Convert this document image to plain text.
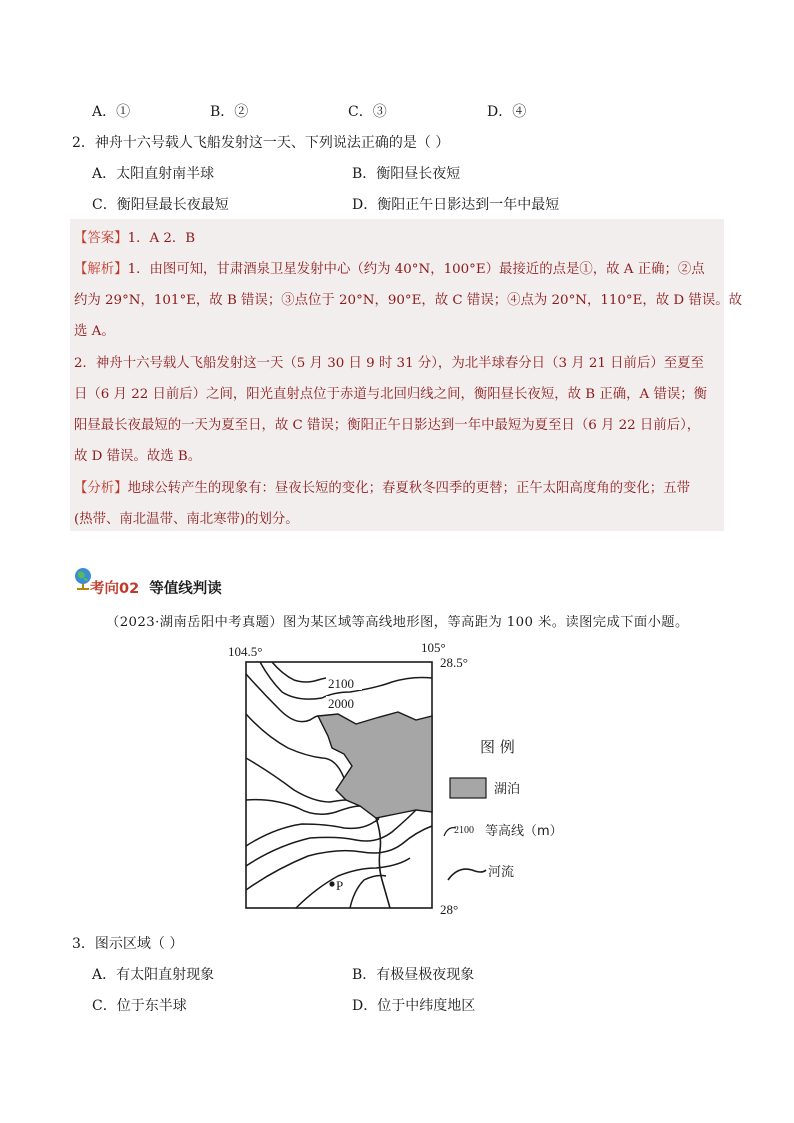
A．①	B．②	C．③	D．④
2．神舟十六号载人飞船发射这一天、下列说法正确的是（ ）
A．太阳直射南半球	B．衡阳昼长夜短
C．衡阳昼最长夜最短	D．衡阳正午日影达到一年中最短
【答案】1．A 2．B
【解析】1．由图可知，甘肃酒泉卫星发射中心（约为 40°N，100°E）最接近的点是①，故 A 正确；②点
约为 29°N，101°E，故 B 错误；③点位于 20°N，90°E，故 C 错误；④点为 20°N，110°E，故 D 错误。故
选 A。
2．神舟十六号载人飞船发射这一天（5 月 30 日 9 时 31 分），为北半球春分日（3 月 21 日前后）至夏至
日（6 月 22 日前后）之间，阳光直射点位于赤道与北回归线之间，衡阳昼长夜短，故 B 正确，A 错误；衡
阳昼最长夜最短的一天为夏至日，故 C 错误；衡阳正午日影达到一年中最短为夏至日（6 月 22 日前后），
故 D 错误。故选 B。
【分析】地球公转产生的现象有：昼夜长短的变化；春夏秋冬四季的更替；正午太阳高度角的变化；五带
(热带、南北温带、南北寒带)的划分。
考向02 等值线判读
（2023·湖南岳阳中考真题）图为某区域等高线地形图，等高距为 100 米。读图完成下面小题。
104.5°	105°
28.5°
28°
2100
2000
P
图 例
湖泊
2100 等高线（m）
河流
3．图示区域（ ）
A．有太阳直射现象	B．有极昼极夜现象
C．位于东半球	D．位于中纬度地区
